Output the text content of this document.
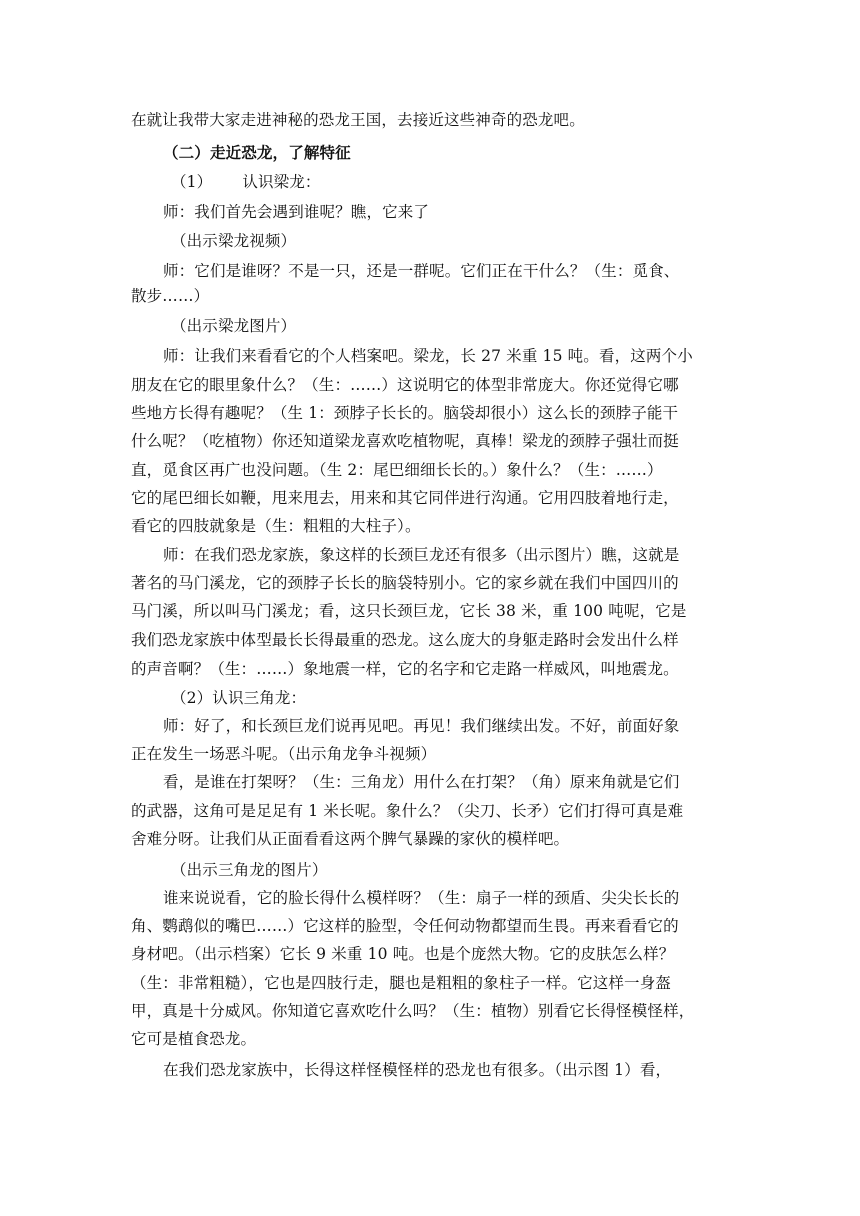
在就让我带大家走进神秘的恐龙王国，去接近这些神奇的恐龙吧。
（二）走近恐龙，了解特征
（1） 认识梁龙：
师：我们首先会遇到谁呢？瞧，它来了
（出示梁龙视频）
师：它们是谁呀？不是一只，还是一群呢。它们正在干什么？（生：觅食、
散步……）
（出示梁龙图片）
师：让我们来看看它的个人档案吧。梁龙，长 27 米重 15 吨。看，这两个小
朋友在它的眼里象什么？（生：……）这说明它的体型非常庞大。你还觉得它哪
些地方长得有趣呢？（生 1：颈脖子长长的。脑袋却很小）这么长的颈脖子能干
什么呢？（吃植物）你还知道梁龙喜欢吃植物呢，真棒！梁龙的颈脖子强壮而挺
直，觅食区再广也没问题。（生 2：尾巴细细长长的。）象什么？（生：……）
它的尾巴细长如鞭，甩来甩去，用来和其它同伴进行沟通。它用四肢着地行走，
看它的四肢就象是（生：粗粗的大柱子）。
师：在我们恐龙家族，象这样的长颈巨龙还有很多（出示图片）瞧，这就是
著名的马门溪龙，它的颈脖子长长的脑袋特别小。它的家乡就在我们中国四川的
马门溪，所以叫马门溪龙；看，这只长颈巨龙，它长 38 米，重 100 吨呢，它是
我们恐龙家族中体型最长长得最重的恐龙。这么庞大的身躯走路时会发出什么样
的声音啊？（生：……）象地震一样，它的名字和它走路一样威风，叫地震龙。
（2）认识三角龙：
师：好了，和长颈巨龙们说再见吧。再见！我们继续出发。不好，前面好象
正在发生一场恶斗呢。（出示角龙争斗视频）
看，是谁在打架呀？（生：三角龙）用什么在打架？（角）原来角就是它们
的武器，这角可是足足有 1 米长呢。象什么？（尖刀、长矛）它们打得可真是难
舍难分呀。让我们从正面看看这两个脾气暴躁的家伙的模样吧。
（出示三角龙的图片）
谁来说说看，它的脸长得什么模样呀？（生：扇子一样的颈盾、尖尖长长的
角、鹦鹉似的嘴巴……）它这样的脸型，令任何动物都望而生畏。再来看看它的
身材吧。（出示档案）它长 9 米重 10 吨。也是个庞然大物。它的皮肤怎么样？
（生：非常粗糙），它也是四肢行走，腿也是粗粗的象柱子一样。它这样一身盔
甲，真是十分威风。你知道它喜欢吃什么吗？（生：植物）别看它长得怪模怪样，
它可是植食恐龙。
在我们恐龙家族中，长得这样怪模怪样的恐龙也有很多。（出示图 1）看，
